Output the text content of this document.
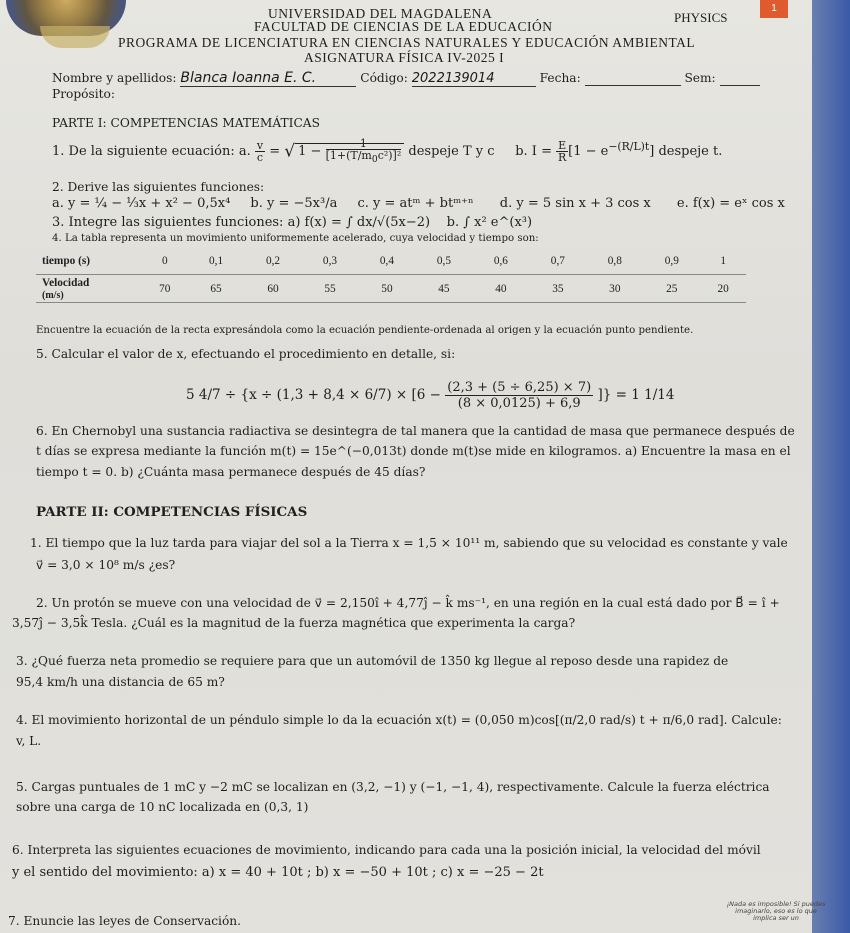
1
UNIVERSIDAD DEL MAGDALENA
FACULTAD DE CIENCIAS DE LA EDUCACIÓN
PROGRAMA DE LICENCIATURA EN CIENCIAS NATURALES Y EDUCACIÓN AMBIENTAL
ASIGNATURA FÍSICA IV-2025 I
PHYSICS
Nombre y apellidos: Blanca Ioanna E. C.	Código: 2022139014	Fecha:	Sem:
Propósito:
PARTE I: COMPETENCIAS MATEMÁTICAS
1. De la siguiente ecuación: a. $\frac{v}{c}$ = √ $1 - \frac{1}{[1+(T/m_0c^2)]^2}$ despeje T y c b. $I = \frac{E}{R} [1 - e^{-(R/L)t}]$ despeje t.
2. Derive las siguientes funciones:
a. y = ¼ − ⅓x + x² − 0,5x⁴ b. y = −5x³/a c. y = atᵐ + btᵐ⁺ⁿ d. y = 5 sin x + 3 cos x e. f(x) = eˣ cos x
3. Integre las siguientes funciones: a) f(x) = ∫ dx/√(5x−2) b. ∫ x² e^(x³)
4. La tabla representa un movimiento uniformemente acelerado, cuya velocidad y tiempo son:
tiempo (s)	0	0,1	0,2	0,3	0,4	0,5	0,6	0,7	0,8	0,9	1
Velocidad
(m/s)	70	65	60	55	50	45	40	35	30	25	20
Encuentre la ecuación de la recta expresándola como la ecuación pendiente-ordenada al origen y la ecuación punto pendiente.
5. Calcular el valor de x, efectuando el procedimiento en detalle, si:
5 $4/7 \div \{x \div (1,3 + 8,4 \times 6/7) \times [6 - \frac{(2,3 + (5 \div 6,25) \times 7)}{(8 \times 0,0125) + 6,9}$ ]} = 1 1/14
6. En Chernobyl una sustancia radiactiva se desintegra de tal manera que la cantidad de masa que permanece después de
t días se expresa mediante la función m(t) = 15e^(−0,013t) donde m(t)se mide en kilogramos. a) Encuentre la masa en el
tiempo t = 0. b) ¿Cuánta masa permanece después de 45 días?
PARTE II: COMPETENCIAS FÍSICAS
1. El tiempo que la luz tarda para viajar del sol a la Tierra x = 1,5 × 10¹¹ m, sabiendo que su velocidad es constante y vale
v⃗ = 3,0 × 10⁸ m/s ¿es?
2. Un protón se mueve con una velocidad de v⃗ = 2,150î + 4,77ĵ − k̂ ms⁻¹, en una región en la cual está dado por B⃗ = î +
3,57ĵ − 3,5k̂ Tesla. ¿Cuál es la magnitud de la fuerza magnética que experimenta la carga?
3. ¿Qué fuerza neta promedio se requiere para que un automóvil de 1350 kg llegue al reposo desde una rapidez de
95,4 km/h una distancia de 65 m?
4. El movimiento horizontal de un péndulo simple lo da la ecuación x(t) = (0,050 m)cos[(π/2,0 rad/s) t + π/6,0 rad]. Calcule:
v, L.
5. Cargas puntuales de 1 mC y −2 mC se localizan en (3,2, −1) y (−1, −1, 4), respectivamente. Calcule la fuerza eléctrica
sobre una carga de 10 nC localizada en (0,3, 1)
6. Interpreta las siguientes ecuaciones de movimiento, indicando para cada una la posición inicial, la velocidad del móvil
y el sentido del movimiento: a) x = 40 + 10t ; b) x = −50 + 10t ; c) x = −25 − 2t
7. Enuncie las leyes de Conservación.
¡Nada es imposible! Si puedes imaginarlo, eso es lo que implica ser un
